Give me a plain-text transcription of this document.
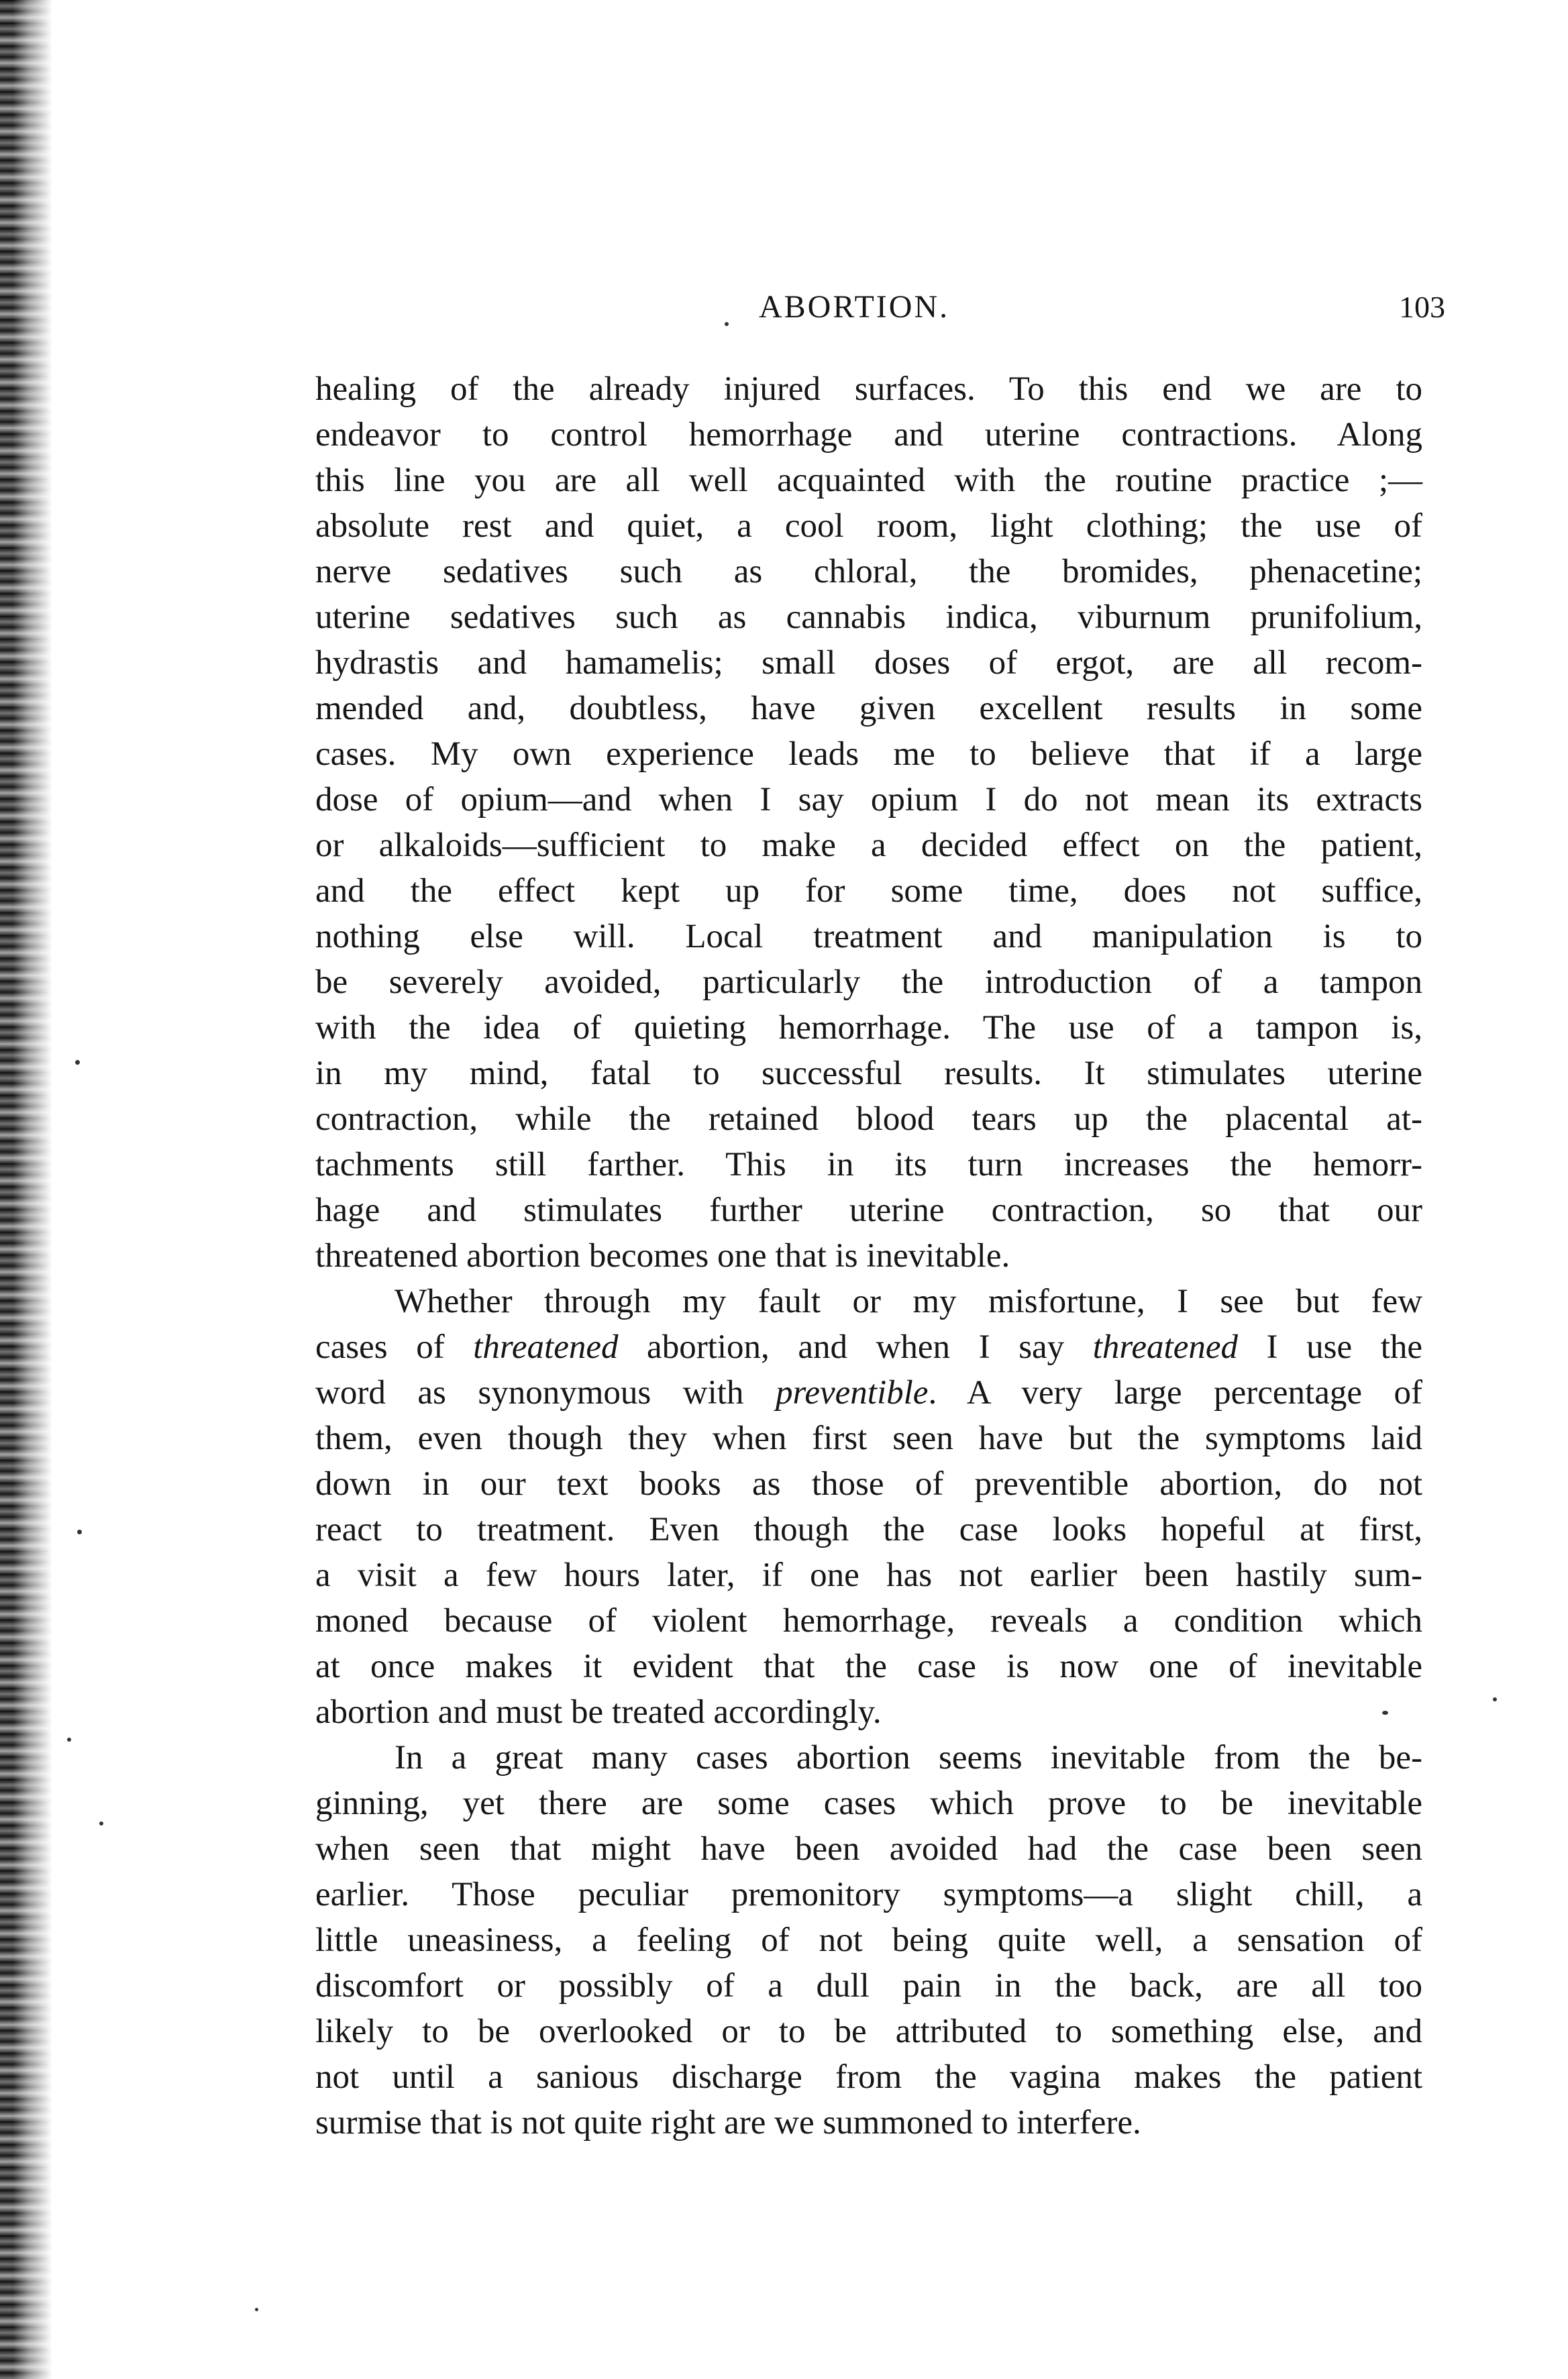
ABORTION.	103
healing of the already injured surfaces. To this end we are to
endeavor to control hemorrhage and uterine contractions. Along
this line you are all well acquainted with the routine practice ;—
absolute rest and quiet, a cool room, light clothing; the use of
nerve sedatives such as chloral, the bromides, phenacetine;
uterine sedatives such as cannabis indica, viburnum prunifolium,
hydrastis and hamamelis; small doses of ergot, are all recom-
mended and, doubtless, have given excellent results in some
cases. My own experience leads me to believe that if a large
dose of opium—and when I say opium I do not mean its extracts
or alkaloids—sufficient to make a decided effect on the patient,
and the effect kept up for some time, does not suffice,
nothing else will. Local treatment and manipulation is to
be severely avoided, particularly the introduction of a tampon
with the idea of quieting hemorrhage. The use of a tampon is,
in my mind, fatal to successful results. It stimulates uterine
contraction, while the retained blood tears up the placental at-
tachments still farther. This in its turn increases the hemorr-
hage and stimulates further uterine contraction, so that our
threatened abortion becomes one that is inevitable.
Whether through my fault or my misfortune, I see but few
cases of threatened abortion, and when I say threatened I use the
word as synonymous with preventible. A very large percentage of
them, even though they when first seen have but the symptoms laid
down in our text books as those of preventible abortion, do not
react to treatment. Even though the case looks hopeful at first,
a visit a few hours later, if one has not earlier been hastily sum-
moned because of violent hemorrhage, reveals a condition which
at once makes it evident that the case is now one of inevitable
abortion and must be treated accordingly.
In a great many cases abortion seems inevitable from the be-
ginning, yet there are some cases which prove to be inevitable
when seen that might have been avoided had the case been seen
earlier. Those peculiar premonitory symptoms—a slight chill, a
little uneasiness, a feeling of not being quite well, a sensation of
discomfort or possibly of a dull pain in the back, are all too
likely to be overlooked or to be attributed to something else, and
not until a sanious discharge from the vagina makes the patient
surmise that is not quite right are we summoned to interfere.
